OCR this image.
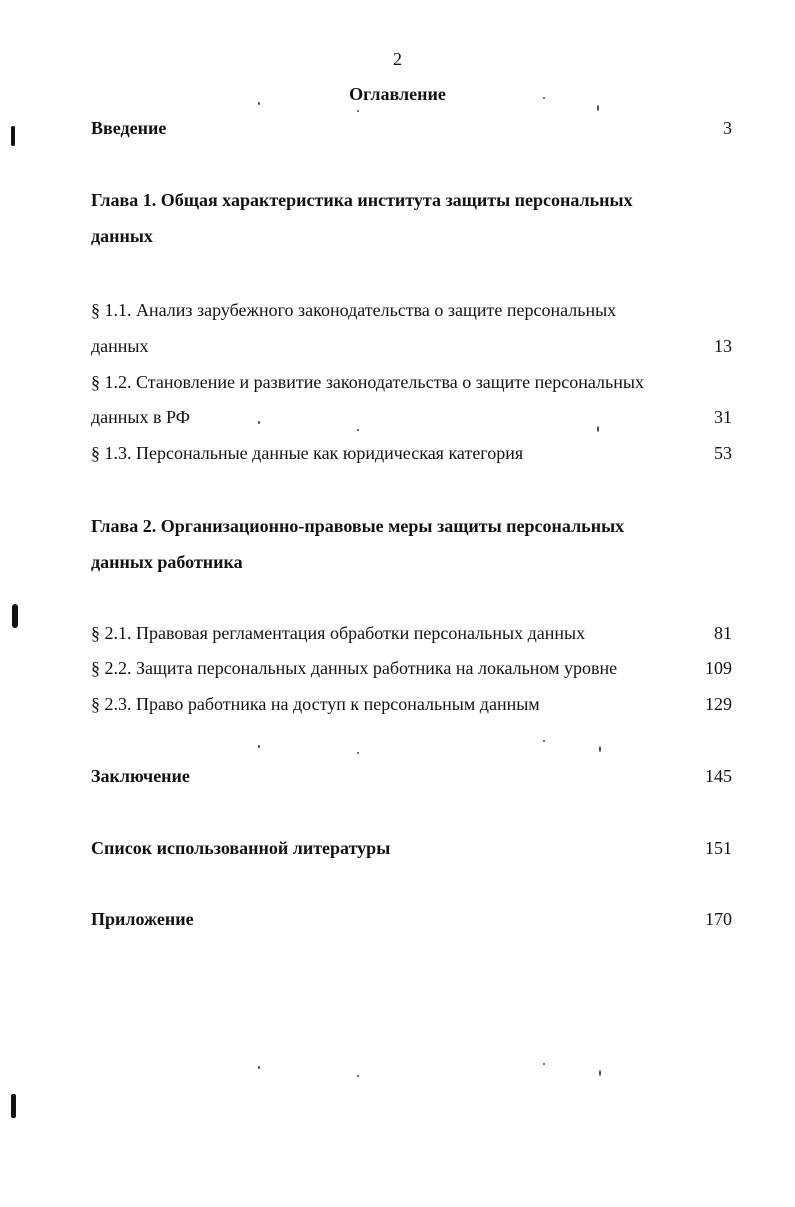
2
Оглавление
Введение	3
Глава 1. Общая характеристика института защиты персональных
данных
§ 1.1. Анализ зарубежного законодательства о защите персональных
данных	13
§ 1.2. Становление и развитие законодательства о защите персональных
данных в РФ	31
§ 1.3. Персональные данные как юридическая категория	53
Глава 2. Организационно-правовые меры защиты персональных
данных работника
§ 2.1. Правовая регламентация обработки персональных данных	81
§ 2.2. Защита персональных данных работника на локальном уровне	109
§ 2.3. Право работника на доступ к персональным данным	129
Заключение	145
Список использованной литературы	151
Приложение	170
